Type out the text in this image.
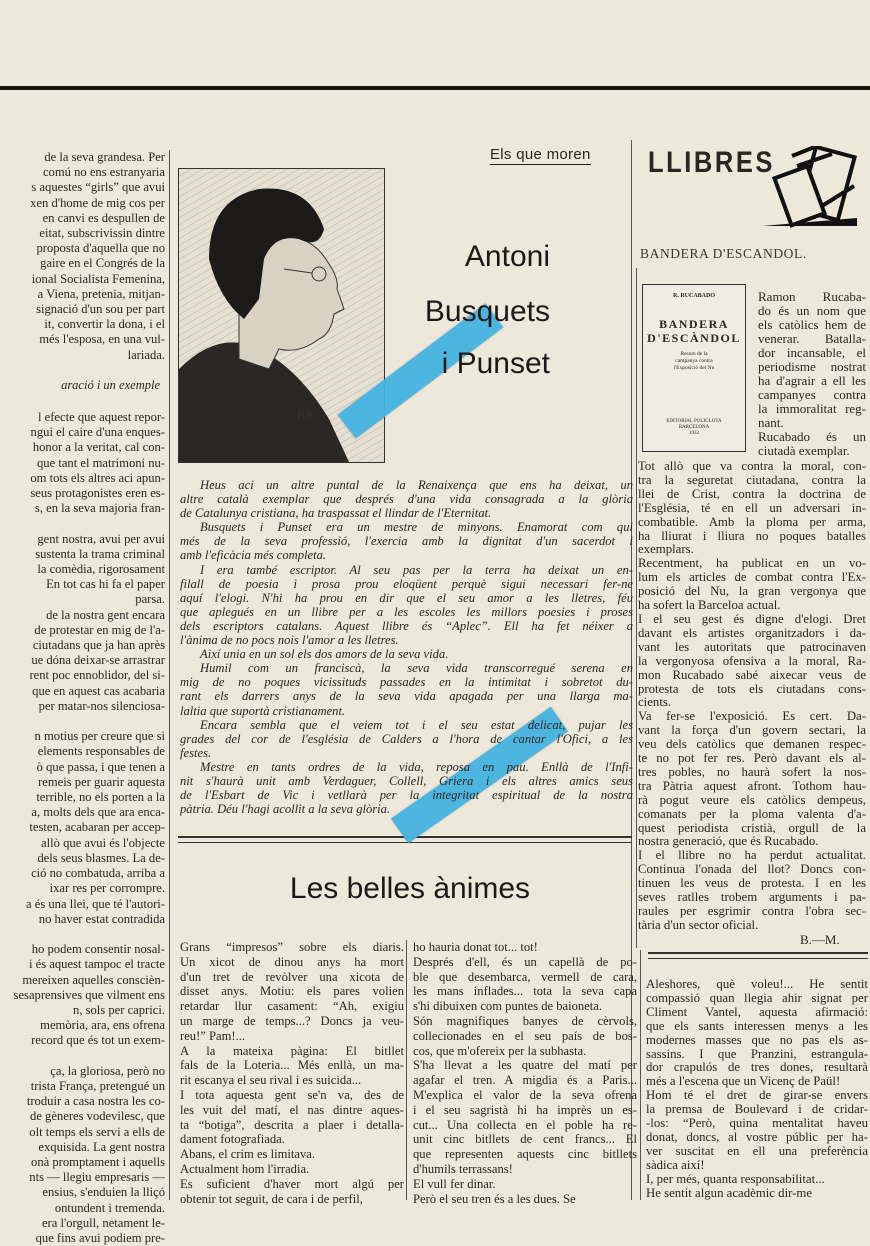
de la seva grandesa. Per
comú no ens estranyaria
s aquestes “girls” que avui
xen d'home de mig cos per
en canvi es despullen de
eitat, subscrivissin dintre
proposta d'aquella que no
gaire en el Congrés de la
ional Socialista Femenina,
a Viena, pretenia, mitjan-
signació d'un sou per part
it, convertir la dona, i el
més l'esposa, en una vul-
lariada.
aració i un exemple
l efecte que aquest repor-
ngui el caire d'una enques-
honor a la veritat, cal con-
que tant el matrimoni nu-
om tots els altres aci apun-
seus protagonistes eren es-
s, en la seva majoria fran-

gent nostra, avui per avui
sustenta la trama criminal
la comèdia, rigorosament
En tot cas hi fa el paper
parsa.
de la nostra gent encara
de protestar en mig de l'a-
ciutadans que ja han après
ue dóna deixar-se arrastrar
rent poc ennoblidor, del si-
que en aquest cas acabaria
per matar-nos silenciosa-

n motius per creure que si
elements responsables de
ò que passa, i que tenen a
remeis per guarir aquesta
terrible, no els porten a la
a, molts dels que ara enca-
testen, acabaran per accep-
allò que avui és l'objecte
dels seus blasmes. La de-
ció no combatuda, arriba a
ixar res per corrompre.
a és una llei, que té l'autori-
no haver estat contradida

ho podem consentir nosal-
i és aquest tampoc el tracte
mereixen aquelles conscièn-
sesaprensives que vilment ens
n, sols per caprici.
memòria, ara, ens ofrena
record que és tot un exem-

ça, la gloriosa, però no
trista França, pretengué un
troduir a casa nostra les co-
de gèneres vodevilesc, que
olt temps els servi a ells de
exquisida. La gent nostra
onà promptament i aquells
nts — llegiu empresaris —
ensius, s'enduien la lliçó
ontundent i tremenda.
era l'orgull, netament le-
que fins avui podiem pre-
Els que moren
P.R.
Antoni
Busquets
i Punset
Heus aci un altre puntal de la Renaixença que ens ha deixat, un
altre català exemplar que després d'una vida consagrada a la glòria
de Catalunya cristiana, ha traspassat el llindar de l'Eternitat.
Busquets i Punset era un mestre de minyons. Enamorat com qui
més de la seva professió, l'exercia amb la dignitat d'un sacerdot i
amb l'eficàcia més completa.
I era també escriptor. Al seu pas per la terra ha deixat un en-
filall de poesia i prosa prou eloqüent perquè sigui necessari fer-ne
aquí l'elogi. N'hi ha prou en dir que el seu amor a les lletres, féu
que aplegués en un llibre per a les escoles les millors poesies i proses
dels escriptors catalans. Aquest llibre és “Aplec”. Ell ha fet néixer a
l'ànima de no pocs nois l'amor a les lletres.
Així unia en un sol els dos amors de la seva vida.
Humil com un franciscà, la seva vida transcorregué serena en
mig de no poques vicissituds passades en la intimitat i sobretot du-
rant els darrers anys de la seva vida apagada per una llarga ma-
laltia que suportà cristianament.
Encara sembla que el veiem tot i el seu estat delicat, pujar les
grades del cor de l'església de Calders a l'hora de cantar l'Ofici, a les
festes.
Mestre en tants ordres de la vida, reposa en pau. Enllà de l'Infi-
nit s'haurà unit amb Verdaguer, Collell, Griera i els altres amics seus
de l'Esbart de Vic i vetllarà per la integritat espiritual de la nostra
pàtria. Déu l'hagi acollit a la seva glòria.
Les belles ànimes
Grans “impresos” sobre els diaris.
Un xicot de dinou anys ha mort
d'un tret de revòlver una xicota de
disset anys. Motiu: els pares volien
retardar llur casament: “Ah, exigiu
un marge de temps...? Doncs ja veu-
reu!” Pam!...
A la mateixa pàgina: El bitllet
fals de la Loteria... Més enllà, un ma-
rit escanya el seu rival i es suicida...
I tota aquesta gent se'n va, des de
les vuit del matí, el nas dintre aques-
ta “botiga”, descrita a plaer i detalla-
dament fotografiada.
Abans, el crim es limitava.
Actualment hom l'irradia.
Es suficient d'haver mort algú per
obtenir tot seguit, de cara i de perfil,
ho hauria donat tot... tot!
Després d'ell, és un capellà de po-
ble que desembarca, vermell de cara,
les mans inflades... tota la seva capa
s'hi dibuixen com puntes de baioneta.
Són magnifiques banyes de cèrvols,
collecionades en el seu país de bos-
cos, que m'ofereix per la subhasta.
S'ha llevat a les quatre del matí per
agafar el tren. A migdia és a Paris...
M'explica el valor de la seva ofrena
i el seu sagristà hi ha imprès un es-
cut... Una collecta en el poble ha re-
unit cinc bitllets de cent francs... El
que representen aquests cinc bitllets
d'humils terrassans!
El vull fer dinar.
Però el seu tren és a les dues. Se
LLIBRES
BANDERA D'ESCANDOL.
R. RUCABADO
BANDERA
D'ESCÀNDOL
Resum de la
campanya contra
l'Exposició del Nu
EDITORIAL POLIGLOTA
BARCELONA
1933
Ramon Rucaba-
do és un nom que
els catòlics hem de
venerar. Batalla-
dor incansable, el
periodisme nostrat
ha d'agrair a ell les
campanyes contra
la immoralitat reg-
nant.
Rucabado és un
ciutadà exemplar.
Tot allò que va contra la moral, con-
tra la seguretat ciutadana, contra la
llei de Crist, contra la doctrina de
l'Església, té en ell un adversari in-
combatible. Amb la ploma per arma,
ha lliurat i lliura no poques batalles
exemplars.
Recentment, ha publicat en un vo-
lum els articles de combat contra l'Ex-
posició del Nu, la gran vergonya que
ha sofert la Barceloa actual.
I el seu gest és digne d'elogi. Dret
davant els artistes organitzadors i da-
vant les autoritats que patrocinaven
la vergonyosa ofensiva a la moral, Ra-
mon Rucabado sabé aixecar veus de
protesta de tots els ciutadans cons-
cients.
Va fer-se l'exposició. Es cert. Da-
vant la força d'un govern sectari, la
veu dels catòlics que demanen respec-
te no pot fer res. Però davant els al-
tres pobles, no haurà sofert la nos-
tra Pàtria aquest afront. Tothom hau-
rà pogut veure els catòlics dempeus,
comanats per la ploma valenta d'a-
quest periodista cristià, orgull de la
nostra generació, que és Rucabado.
I el llibre no ha perdut actualitat.
Continua l'onada del llot? Doncs con-
tinuen les veus de protesta. I en les
seves ratlles trobem arguments i pa-
raules per esgrimir contra l'obra sec-
tària d'un sector oficial.
B.—M.
Aleshores, què voleu!... He sentit
compassió quan llegia ahir signat per
Climent Vantel, aquesta afirmació:
que els sants interessen menys a les
modernes masses que no pas els as-
sassins. I que Pranzini, estrangula-
dor crapulós de tres dones, resultarà
més a l'escena que un Vicenç de Paül!
Hom té el dret de girar-se envers
la premsa de Boulevard i de cridar-
-los: “Però, quina mentalitat haveu
donat, doncs, al vostre públic per ha-
ver suscitat en ell una preferència
sàdica així!
I, per més, quanta responsabilitat...
He sentit algun acadèmic dir-me
